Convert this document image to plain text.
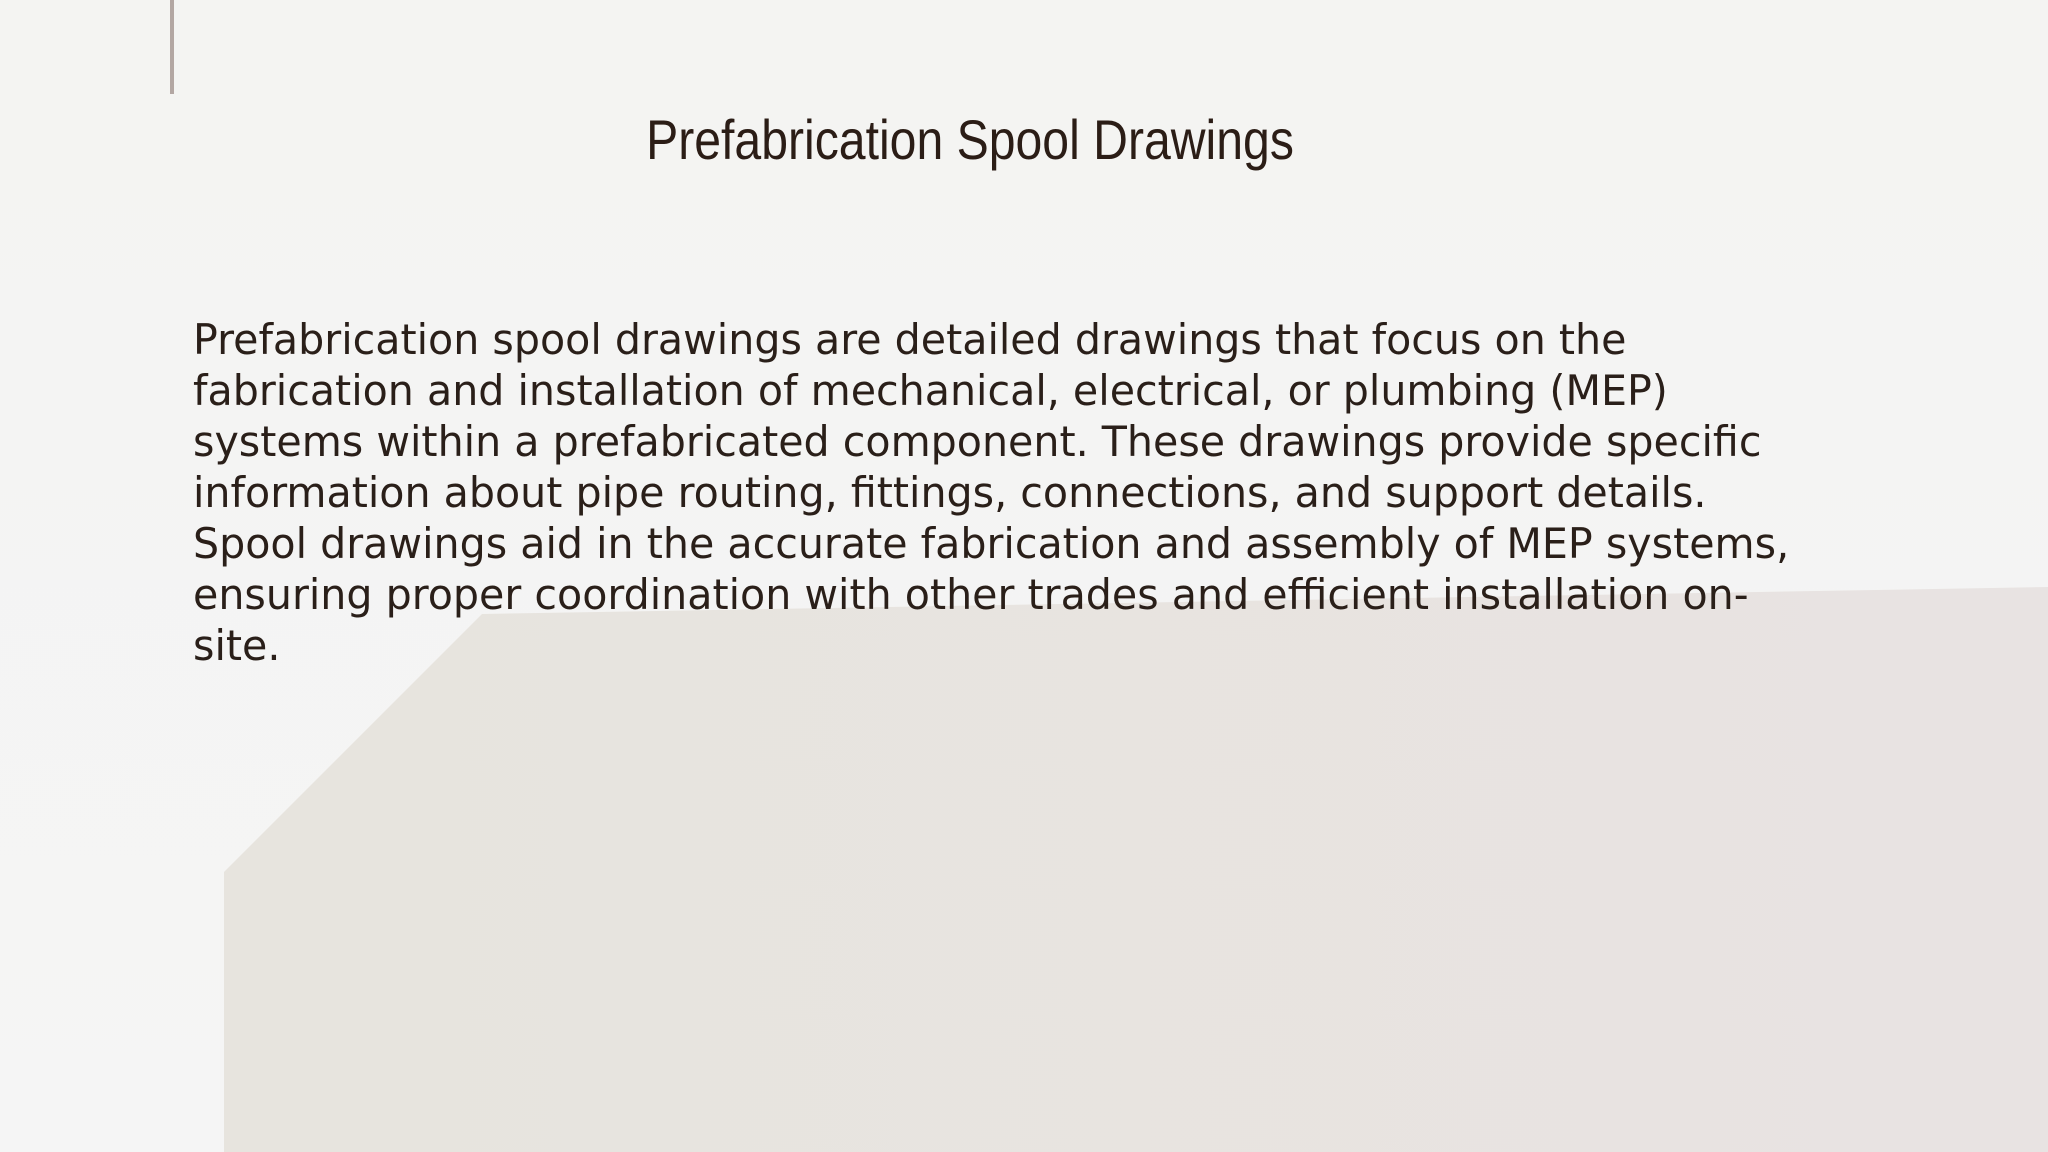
Prefabrication Spool Drawings

Prefabrication spool drawings are detailed drawings that focus on the fabrication and installation of mechanical, electrical, or plumbing (MEP) systems within a prefabricated component. These drawings provide specific information about pipe routing, fittings, connections, and support details. Spool drawings aid in the accurate fabrication and assembly of MEP systems, ensuring proper coordination with other trades and efficient installation on-site.
